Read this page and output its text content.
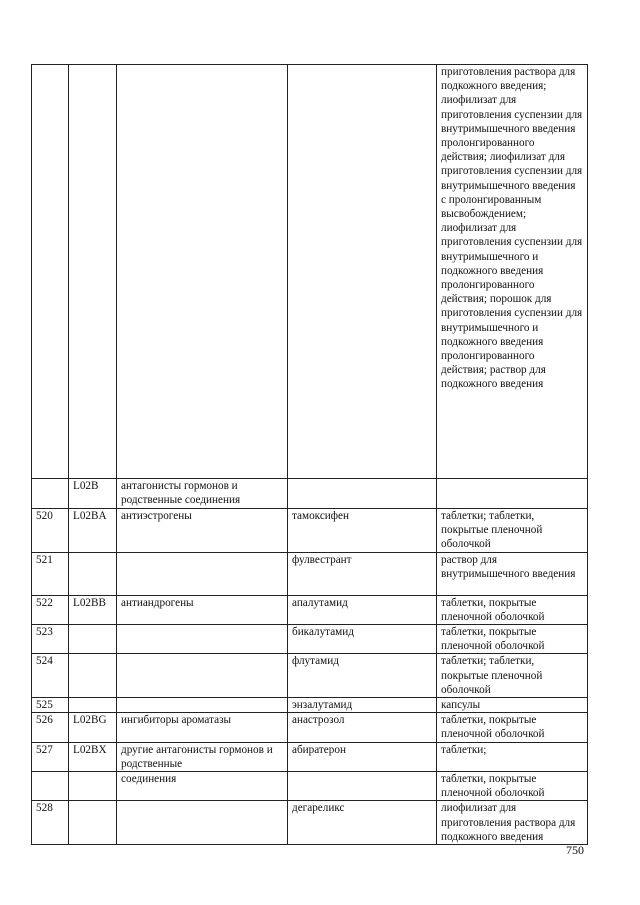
				приготовления раствора для подкожного введения; лиофилизат для приготовления суспензии для внутримышечного введения пролонгированного действия; лиофилизат для приготовления суспензии для внутримышечного введения с пролонгированным высвобождением; лиофилизат для приготовления суспензии для внутримышечного и подкожного введения пролонгированного действия; порошок для приготовления суспензии для внутримышечного и подкожного введения пролонгированного действия; раствор для подкожного введения
	L02B	антагонисты гормонов и родственные соединения		
520	L02BA	антиэстрогены	тамоксифен	таблетки; таблетки, покрытые пленочной оболочкой
521			фулвестрант	раствор для внутримышечного введения
522	L02BB	антиандрогены	апалутамид	таблетки, покрытые пленочной оболочкой
523			бикалутамид	таблетки, покрытые пленочной оболочкой
524			флутамид	таблетки; таблетки, покрытые пленочной оболочкой
525			энзалутамид	капсулы
526	L02BG	ингибиторы ароматазы	анастрозол	таблетки, покрытые пленочной оболочкой
527	L02BX	другие антагонисты гормонов и родственные	абиратерон	таблетки;
		соединения		таблетки, покрытые пленочной оболочкой
528			дегареликс	лиофилизат для приготовления раствора для подкожного введения
750
